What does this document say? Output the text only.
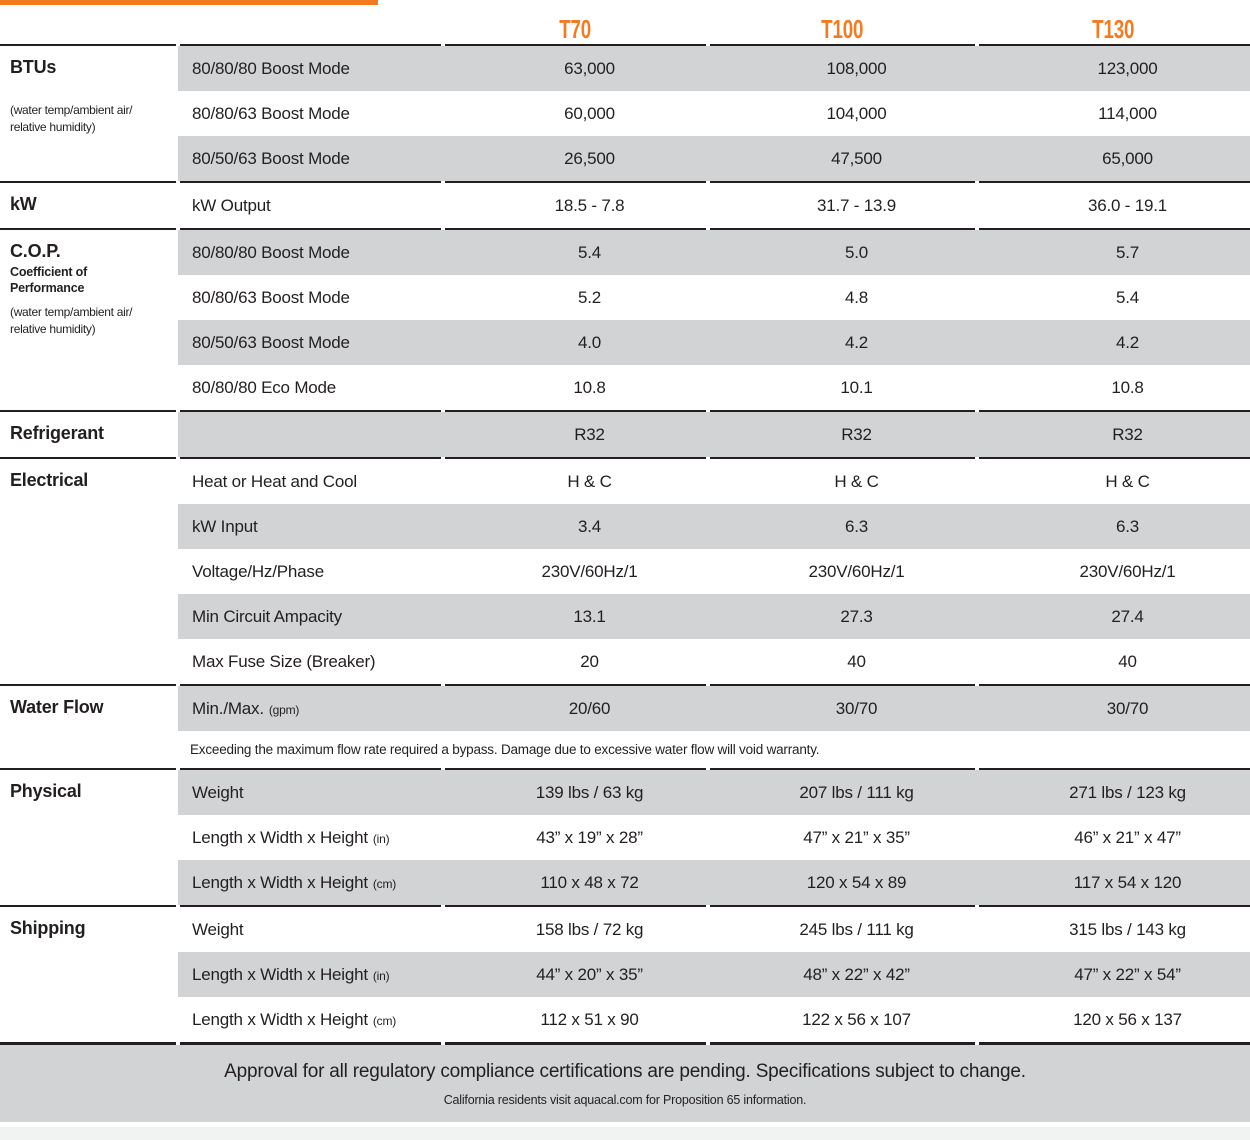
T70	T100	T130
80/80/80 Boost Mode	63,000	108,000	123,000
80/80/63 Boost Mode	60,000	104,000	114,000
80/50/63 Boost Mode	26,500	47,500	65,000
BTUs
(water temp/ambient air/
relative humidity)
kW Output	18.5 - 7.8	31.7 - 13.9	36.0 - 19.1
kW
80/80/80 Boost Mode	5.4	5.0	5.7
80/80/63 Boost Mode	5.2	4.8	5.4
80/50/63 Boost Mode	4.0	4.2	4.2
80/80/80 Eco Mode	10.8	10.1	10.8
C.O.P.
Coefficient of
Performance
(water temp/ambient air/
relative humidity)
R32	R32	R32
Refrigerant
Heat or Heat and Cool	H & C	H & C	H & C
kW Input	3.4	6.3	6.3
Voltage/Hz/Phase	230V/60Hz/1	230V/60Hz/1	230V/60Hz/1
Min Circuit Ampacity	13.1	27.3	27.4
Max Fuse Size (Breaker)	20	40	40
Electrical
Min./Max. (gpm)	20/60	30/70	30/70
Exceeding the maximum flow rate required a bypass. Damage due to excessive water flow will void warranty.
Water Flow
Weight	139 lbs / 63 kg	207 lbs / 111 kg	271 lbs / 123 kg
Length x Width x Height (in)	43” x 19” x 28”	47” x 21” x 35”	46” x 21” x 47”
Length x Width x Height (cm)	110 x 48 x 72	120 x 54 x 89	117 x 54 x 120
Physical
Weight	158 lbs / 72 kg	245 lbs / 111 kg	315 lbs / 143 kg
Length x Width x Height (in)	44” x 20” x 35”	48” x 22” x 42”	47” x 22” x 54”
Length x Width x Height (cm)	112 x 51 x 90	122 x 56 x 107	120 x 56 x 137
Shipping
Approval for all regulatory compliance certifications are pending. Specifications subject to change.
California residents visit aquacal.com for Proposition 65 information.
